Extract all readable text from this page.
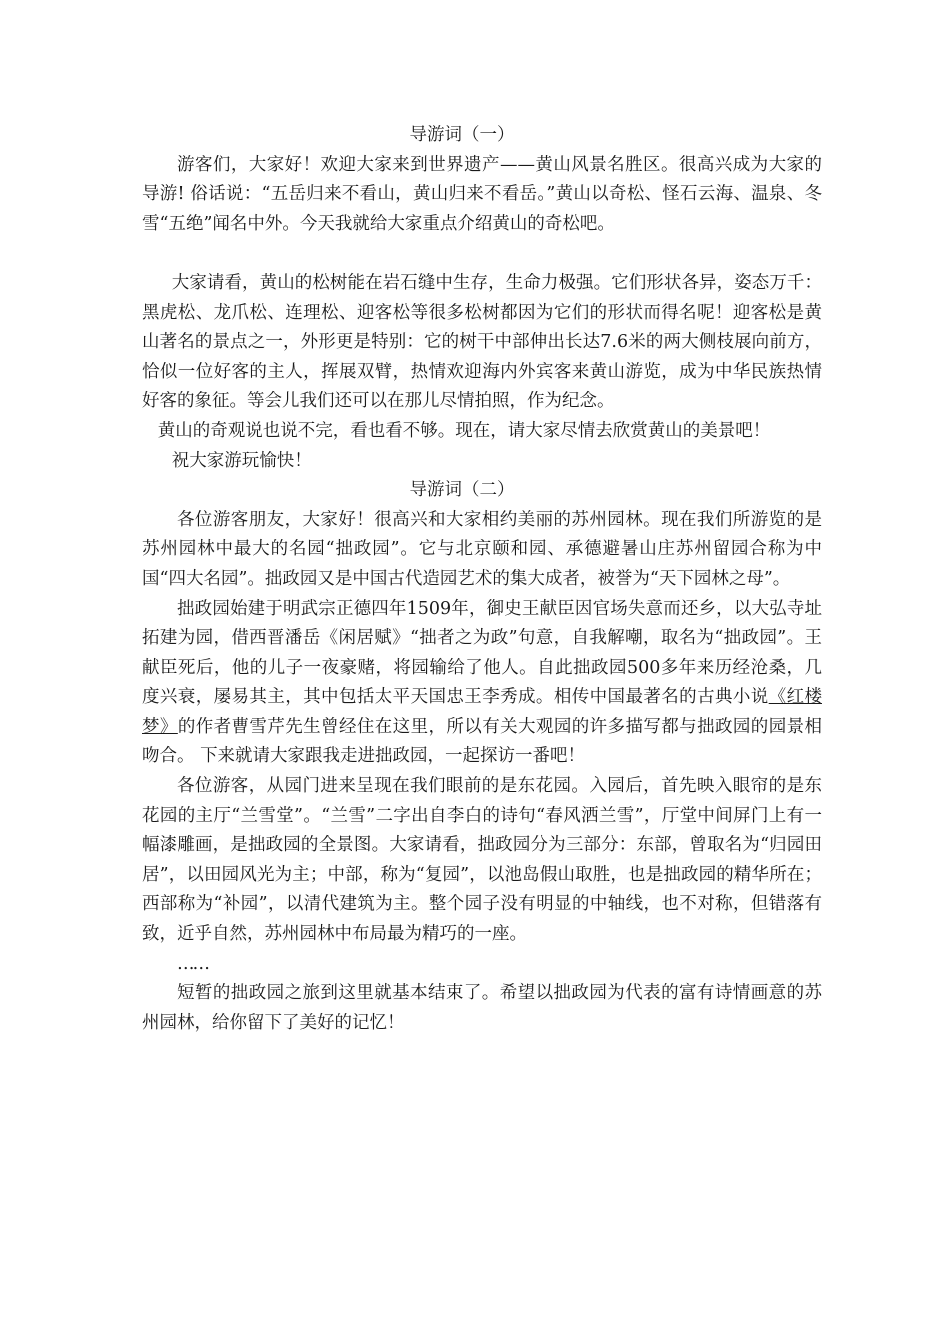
导游词（一）

游客们，大家好！欢迎大家来到世界遗产——黄山风景名胜区。很高兴成为大家的导游! 俗话说：“五岳归来不看山，黄山归来不看岳。”黄山以奇松、怪石云海、温泉、冬雪“五绝”闻名中外。今天我就给大家重点介绍黄山的奇松吧。

大家请看，黄山的松树能在岩石缝中生存，生命力极强。它们形状各异，姿态万千：黑虎松、龙爪松、连理松、迎客松等很多松树都因为它们的形状而得名呢！迎客松是黄山著名的景点之一，外形更是特别：它的树干中部伸出长达7.6米的两大侧枝展向前方，恰似一位好客的主人，挥展双臂，热情欢迎海内外宾客来黄山游览，成为中华民族热情好客的象征。等会儿我们还可以在那儿尽情拍照，作为纪念。

黄山的奇观说也说不完，看也看不够。现在，请大家尽情去欣赏黄山的美景吧！

祝大家游玩愉快！

导游词（二）

各位游客朋友，大家好！很高兴和大家相约美丽的苏州园林。现在我们所游览的是苏州园林中最大的名园“拙政园”。它与北京颐和园、承德避暑山庄苏州留园合称为中国“四大名园”。拙政园又是中国古代造园艺术的集大成者，被誉为“天下园林之母”。

拙政园始建于明武宗正德四年1509年，御史王献臣因官场失意而还乡，以大弘寺址拓建为园，借西晋潘岳《闲居赋》“拙者之为政”句意，自我解嘲，取名为“拙政园”。王献臣死后，他的儿子一夜豪赌，将园输给了他人。自此拙政园500多年来历经沧桑，几度兴衰，屡易其主，其中包括太平天国忠王李秀成。相传中国最著名的古典小说《红楼梦》的作者曹雪芹先生曾经住在这里，所以有关大观园的许多描写都与拙政园的园景相吻合。 下来就请大家跟我走进拙政园，一起探访一番吧！

各位游客，从园门进来呈现在我们眼前的是东花园。入园后，首先映入眼帘的是东花园的主厅“兰雪堂”。“兰雪”二字出自李白的诗句“春风洒兰雪”，厅堂中间屏门上有一幅漆雕画，是拙政园的全景图。大家请看，拙政园分为三部分：东部，曾取名为“归园田居”，以田园风光为主；中部，称为“复园”，以池岛假山取胜，也是拙政园的精华所在；西部称为“补园”，以清代建筑为主。整个园子没有明显的中轴线，也不对称，但错落有致，近乎自然，苏州园林中布局最为精巧的一座。

……

短暂的拙政园之旅到这里就基本结束了。希望以拙政园为代表的富有诗情画意的苏州园林，给你留下了美好的记忆！
